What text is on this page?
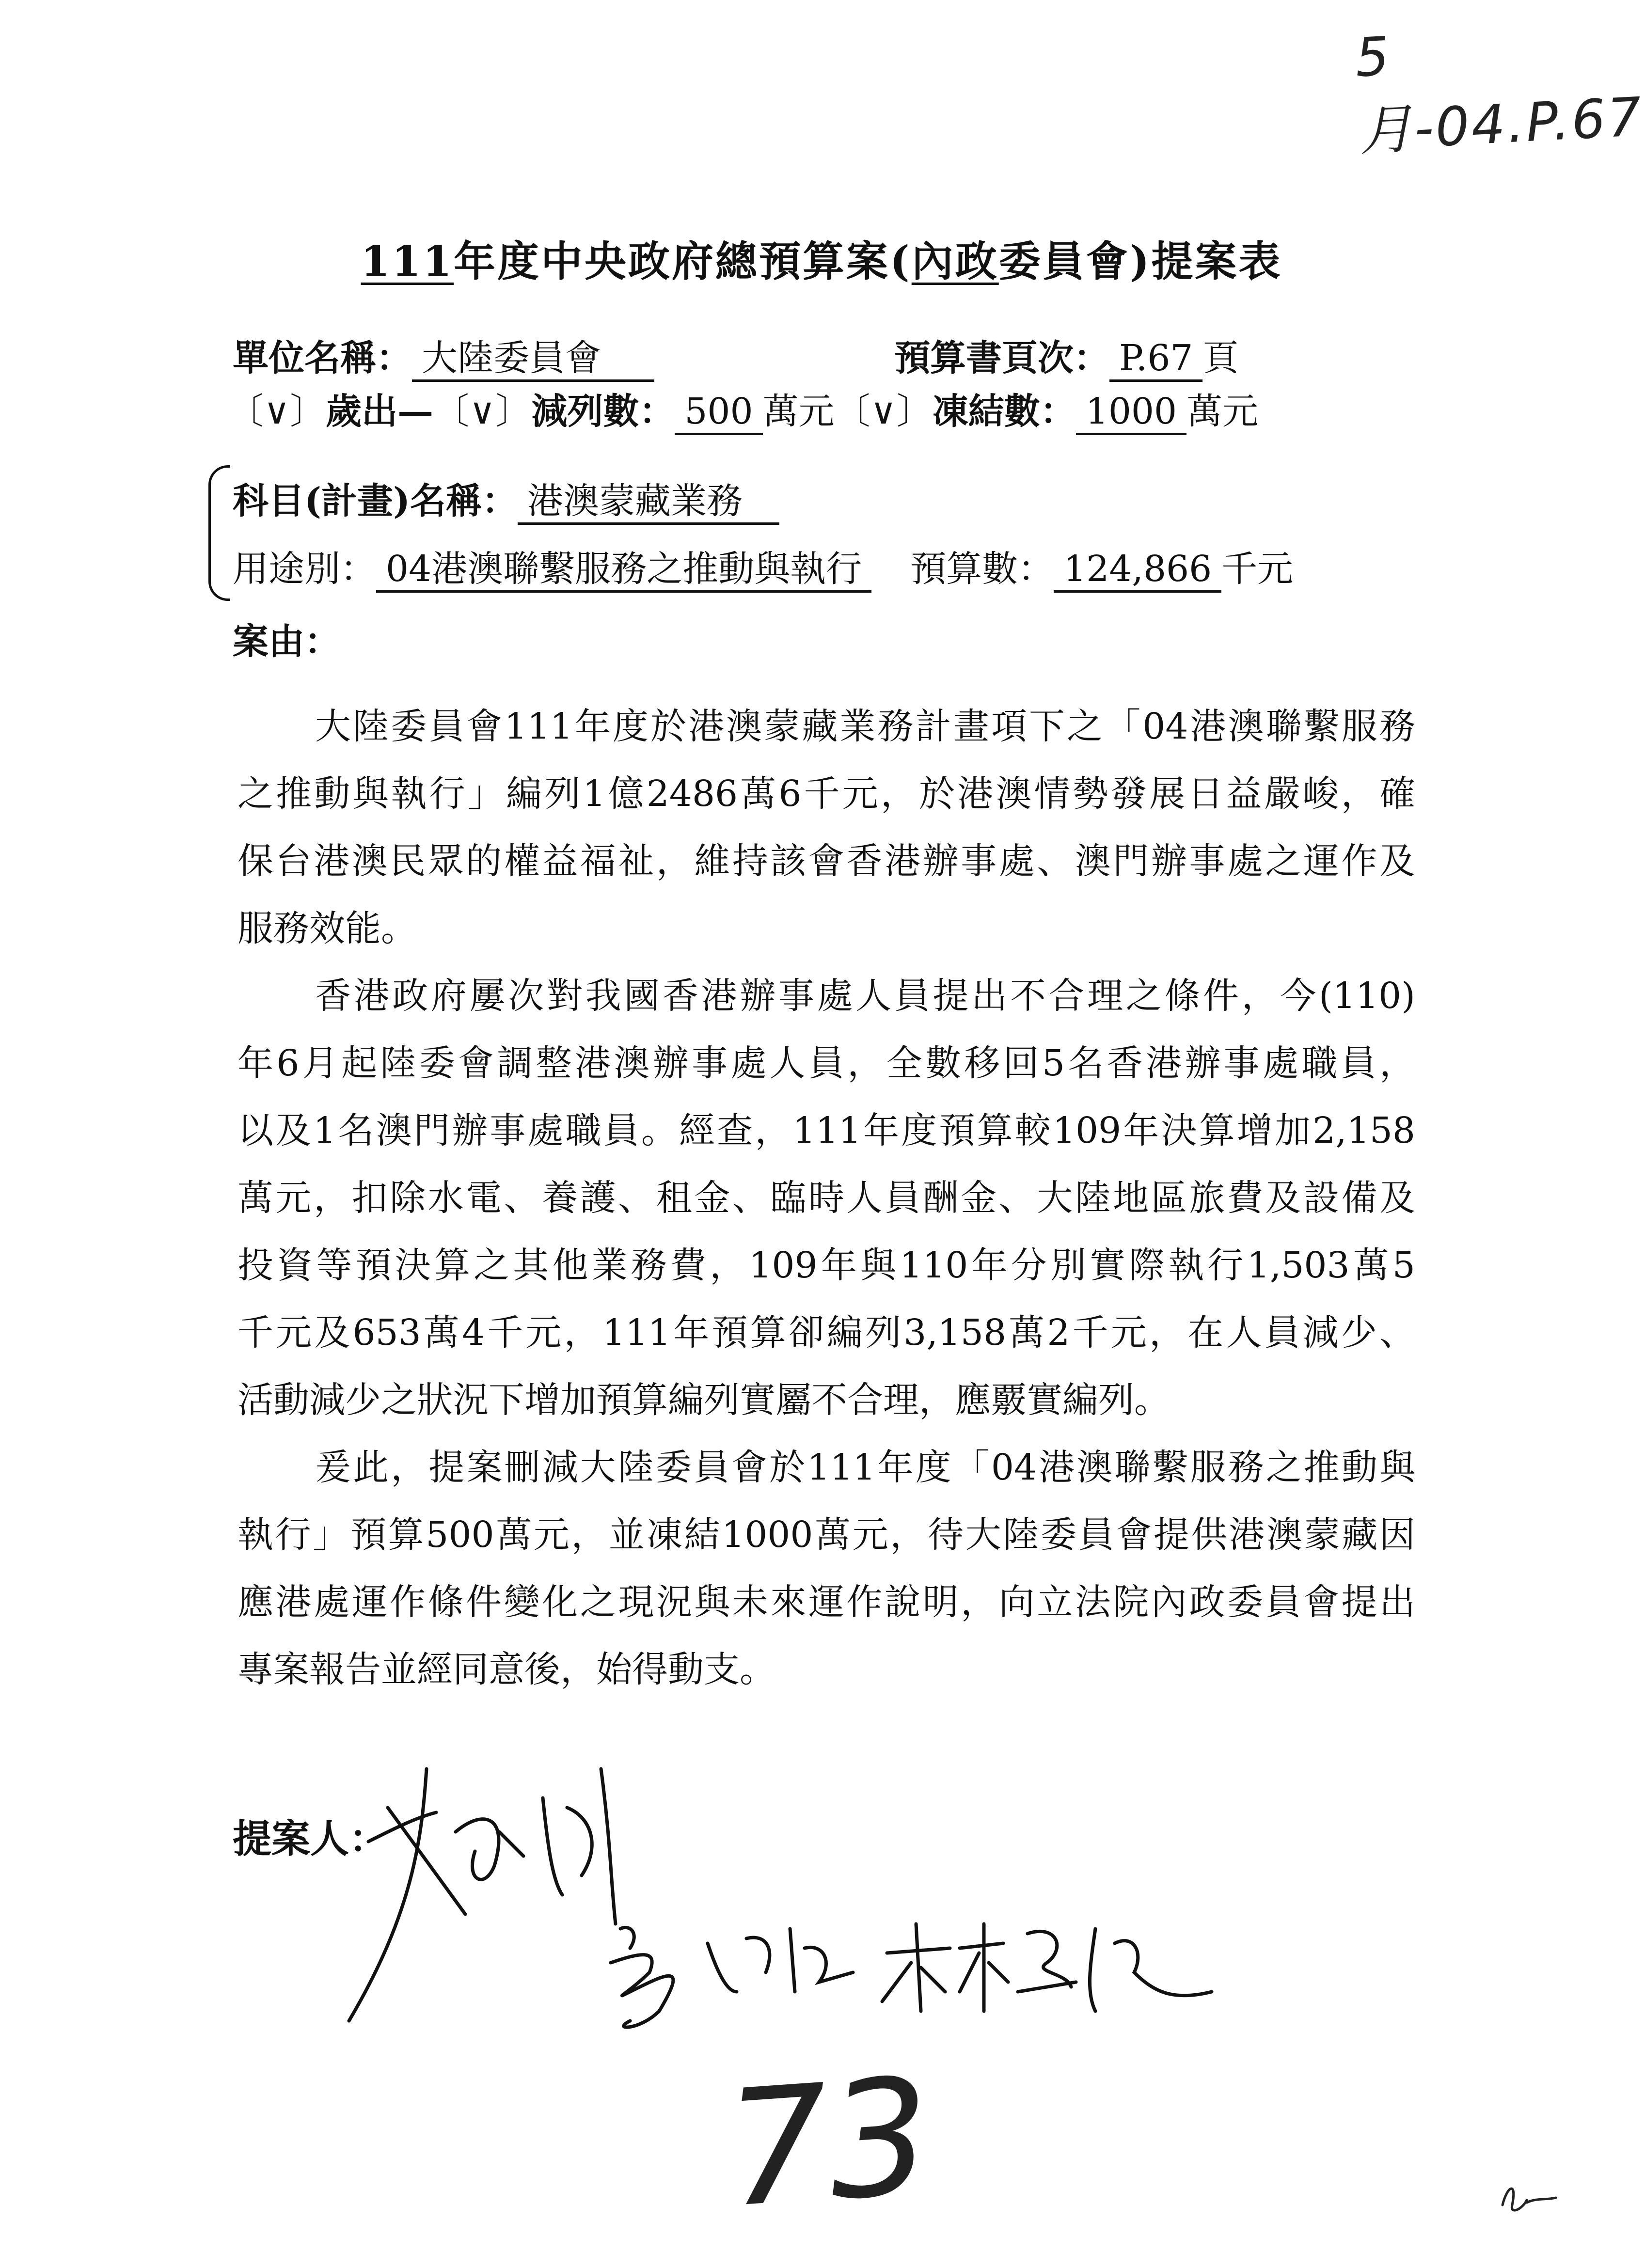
5月-04.P.67
111年度中央政府總預算案(內政委員會)提案表
單位名稱： 大陸委員會	預算書頁次： P.67 頁
〔∨〕歲出—〔∨〕減列數： 500 萬元〔∨〕凍結數： 1000 萬元
科目(計畫)名稱： 港澳蒙藏業務
用途別： 04港澳聯繫服務之推動與執行 預算數： 124,866 千元
案由：
大陸委員會111年度於港澳蒙藏業務計畫項下之「04港澳聯繫服務
之推動與執行」編列1億2486萬6千元，於港澳情勢發展日益嚴峻，確
保台港澳民眾的權益福祉，維持該會香港辦事處、澳門辦事處之運作及
服務效能。
香港政府屢次對我國香港辦事處人員提出不合理之條件，今(110)
年6月起陸委會調整港澳辦事處人員，全數移回5名香港辦事處職員，
以及1名澳門辦事處職員。經查，111年度預算較109年決算增加2,158
萬元，扣除水電、養護、租金、臨時人員酬金、大陸地區旅費及設備及
投資等預決算之其他業務費，109年與110年分別實際執行1,503萬5
千元及653萬4千元，111年預算卻編列3,158萬2千元，在人員減少、
活動減少之狀況下增加預算編列實屬不合理，應覈實編列。
爰此，提案刪減大陸委員會於111年度「04港澳聯繫服務之推動與
執行」預算500萬元，並凍結1000萬元，待大陸委員會提供港澳蒙藏因
應港處運作條件變化之現況與未來運作說明，向立法院內政委員會提出
專案報告並經同意後，始得動支。
提案人：
73
